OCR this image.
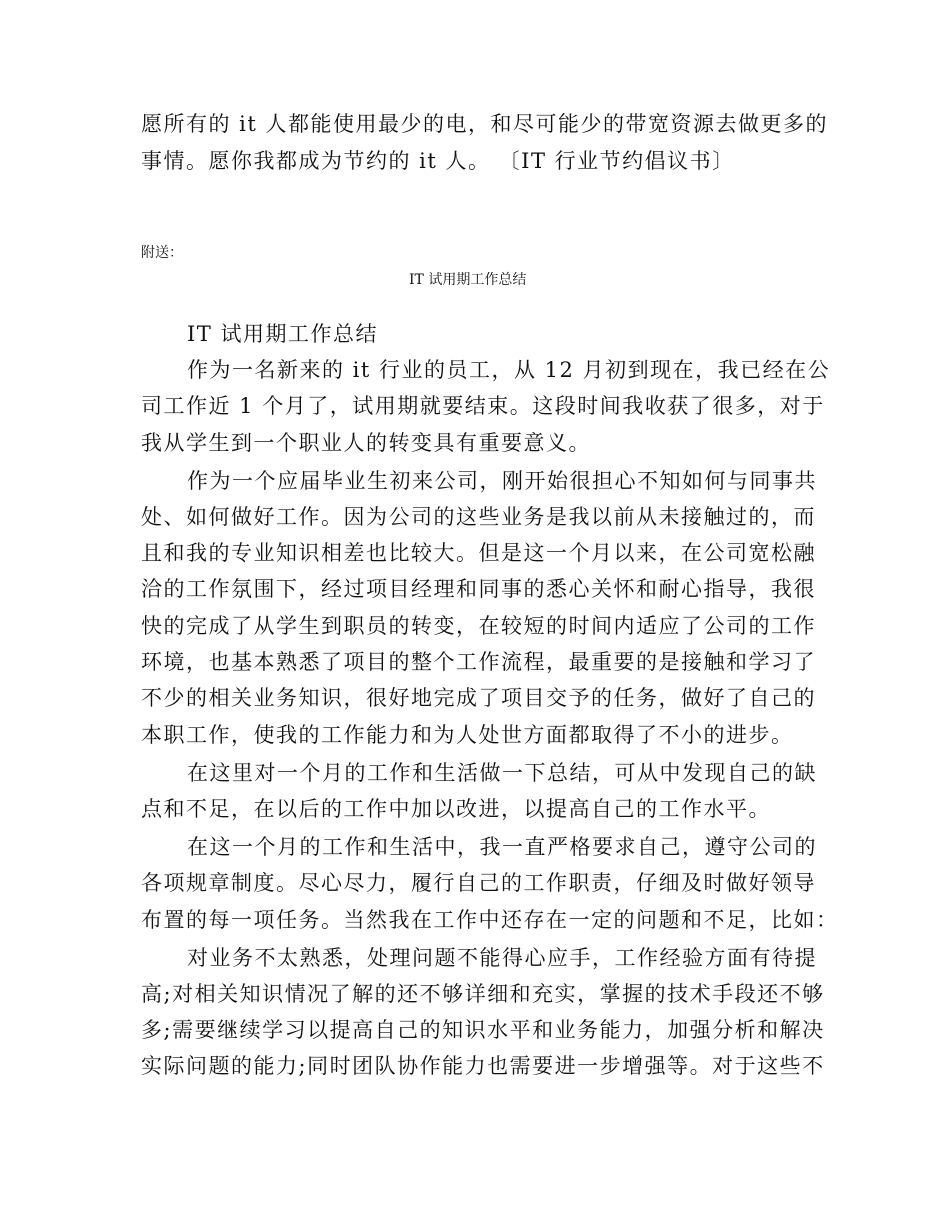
愿所有的 it 人都能使用最少的电，和尽可能少的带宽资源去做更多的
事情。愿你我都成为节约的 it 人。 〔IT 行业节约倡议书〕
附送：
IT 试用期工作总结
IT 试用期工作总结
作为一名新来的 it 行业的员工，从 12 月初到现在，我已经在公
司工作近 1 个月了，试用期就要结束。这段时间我收获了很多，对于
我从学生到一个职业人的转变具有重要意义。
作为一个应届毕业生初来公司，刚开始很担心不知如何与同事共
处、如何做好工作。因为公司的这些业务是我以前从未接触过的，而
且和我的专业知识相差也比较大。但是这一个月以来，在公司宽松融
洽的工作氛围下，经过项目经理和同事的悉心关怀和耐心指导，我很
快的完成了从学生到职员的转变，在较短的时间内适应了公司的工作
环境，也基本熟悉了项目的整个工作流程，最重要的是接触和学习了
不少的相关业务知识，很好地完成了项目交予的任务，做好了自己的
本职工作，使我的工作能力和为人处世方面都取得了不小的进步。
在这里对一个月的工作和生活做一下总结，可从中发现自己的缺
点和不足，在以后的工作中加以改进，以提高自己的工作水平。
在这一个月的工作和生活中，我一直严格要求自己，遵守公司的
各项规章制度。尽心尽力，履行自己的工作职责，仔细及时做好领导
布置的每一项任务。当然我在工作中还存在一定的问题和不足，比如：
对业务不太熟悉，处理问题不能得心应手，工作经验方面有待提
高;对相关知识情况了解的还不够详细和充实，掌握的技术手段还不够
多;需要继续学习以提高自己的知识水平和业务能力，加强分析和解决
实际问题的能力;同时团队协作能力也需要进一步增强等。对于这些不
